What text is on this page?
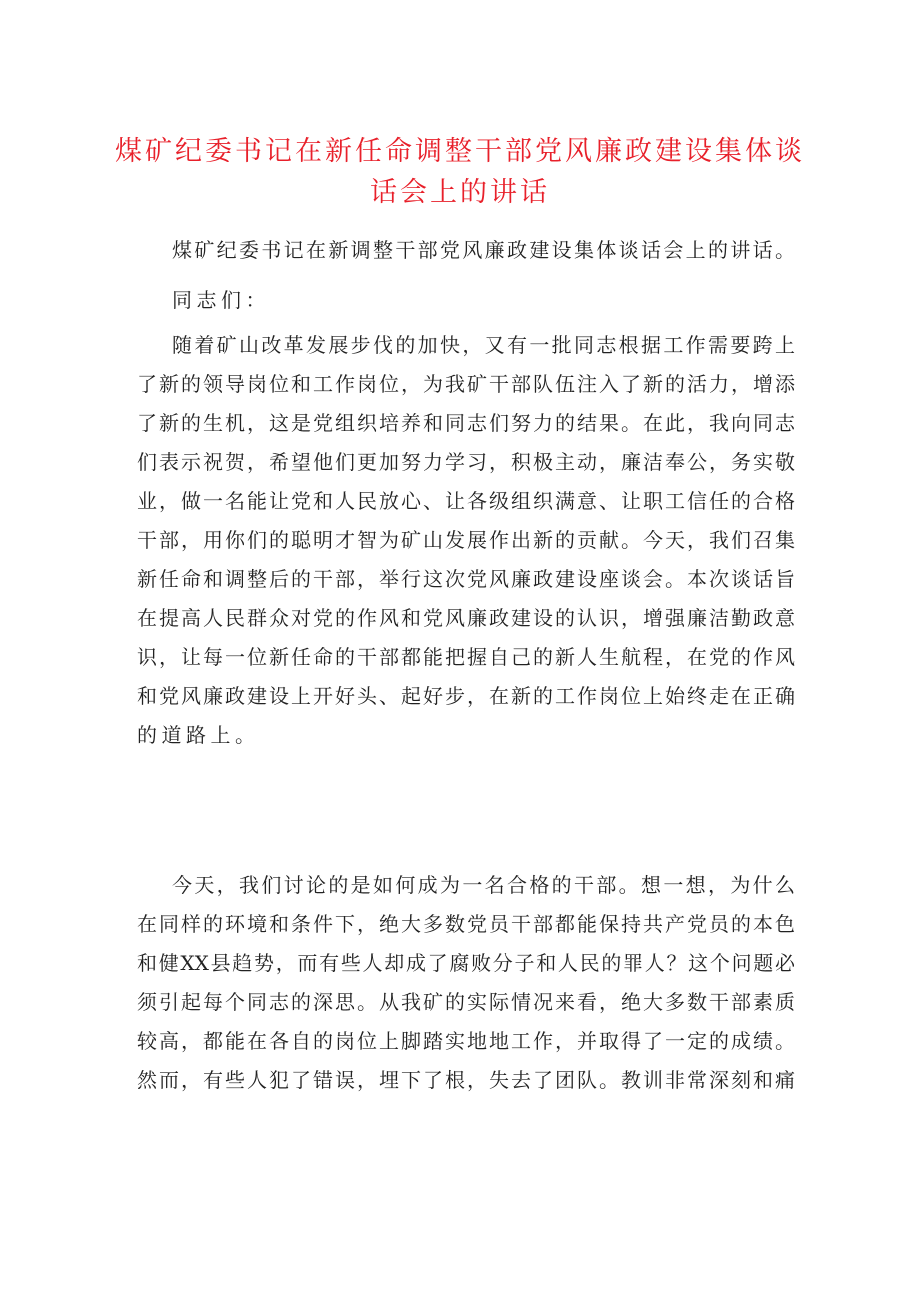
煤矿纪委书记在新任命调整干部党风廉政建设集体谈
话会上的讲话
煤矿纪委书记在新调整干部党风廉政建设集体谈话会上的讲话。
同志们：
随着矿山改革发展步伐的加快，又有一批同志根据工作需要跨上
了新的领导岗位和工作岗位，为我矿干部队伍注入了新的活力，增添
了新的生机，这是党组织培养和同志们努力的结果。在此，我向同志
们表示祝贺，希望他们更加努力学习，积极主动，廉洁奉公，务实敬
业，做一名能让党和人民放心、让各级组织满意、让职工信任的合格
干部，用你们的聪明才智为矿山发展作出新的贡献。今天，我们召集
新任命和调整后的干部，举行这次党风廉政建设座谈会。本次谈话旨
在提高人民群众对党的作风和党风廉政建设的认识，增强廉洁勤政意
识，让每一位新任命的干部都能把握自己的新人生航程，在党的作风
和党风廉政建设上开好头、起好步，在新的工作岗位上始终走在正确
的道路上。
今天，我们讨论的是如何成为一名合格的干部。想一想，为什么
在同样的环境和条件下，绝大多数党员干部都能保持共产党员的本色
和健XX县趋势，而有些人却成了腐败分子和人民的罪人？这个问题必
须引起每个同志的深思。从我矿的实际情况来看，绝大多数干部素质
较高，都能在各自的岗位上脚踏实地地工作，并取得了一定的成绩。
然而，有些人犯了错误，埋下了根，失去了团队。教训非常深刻和痛
